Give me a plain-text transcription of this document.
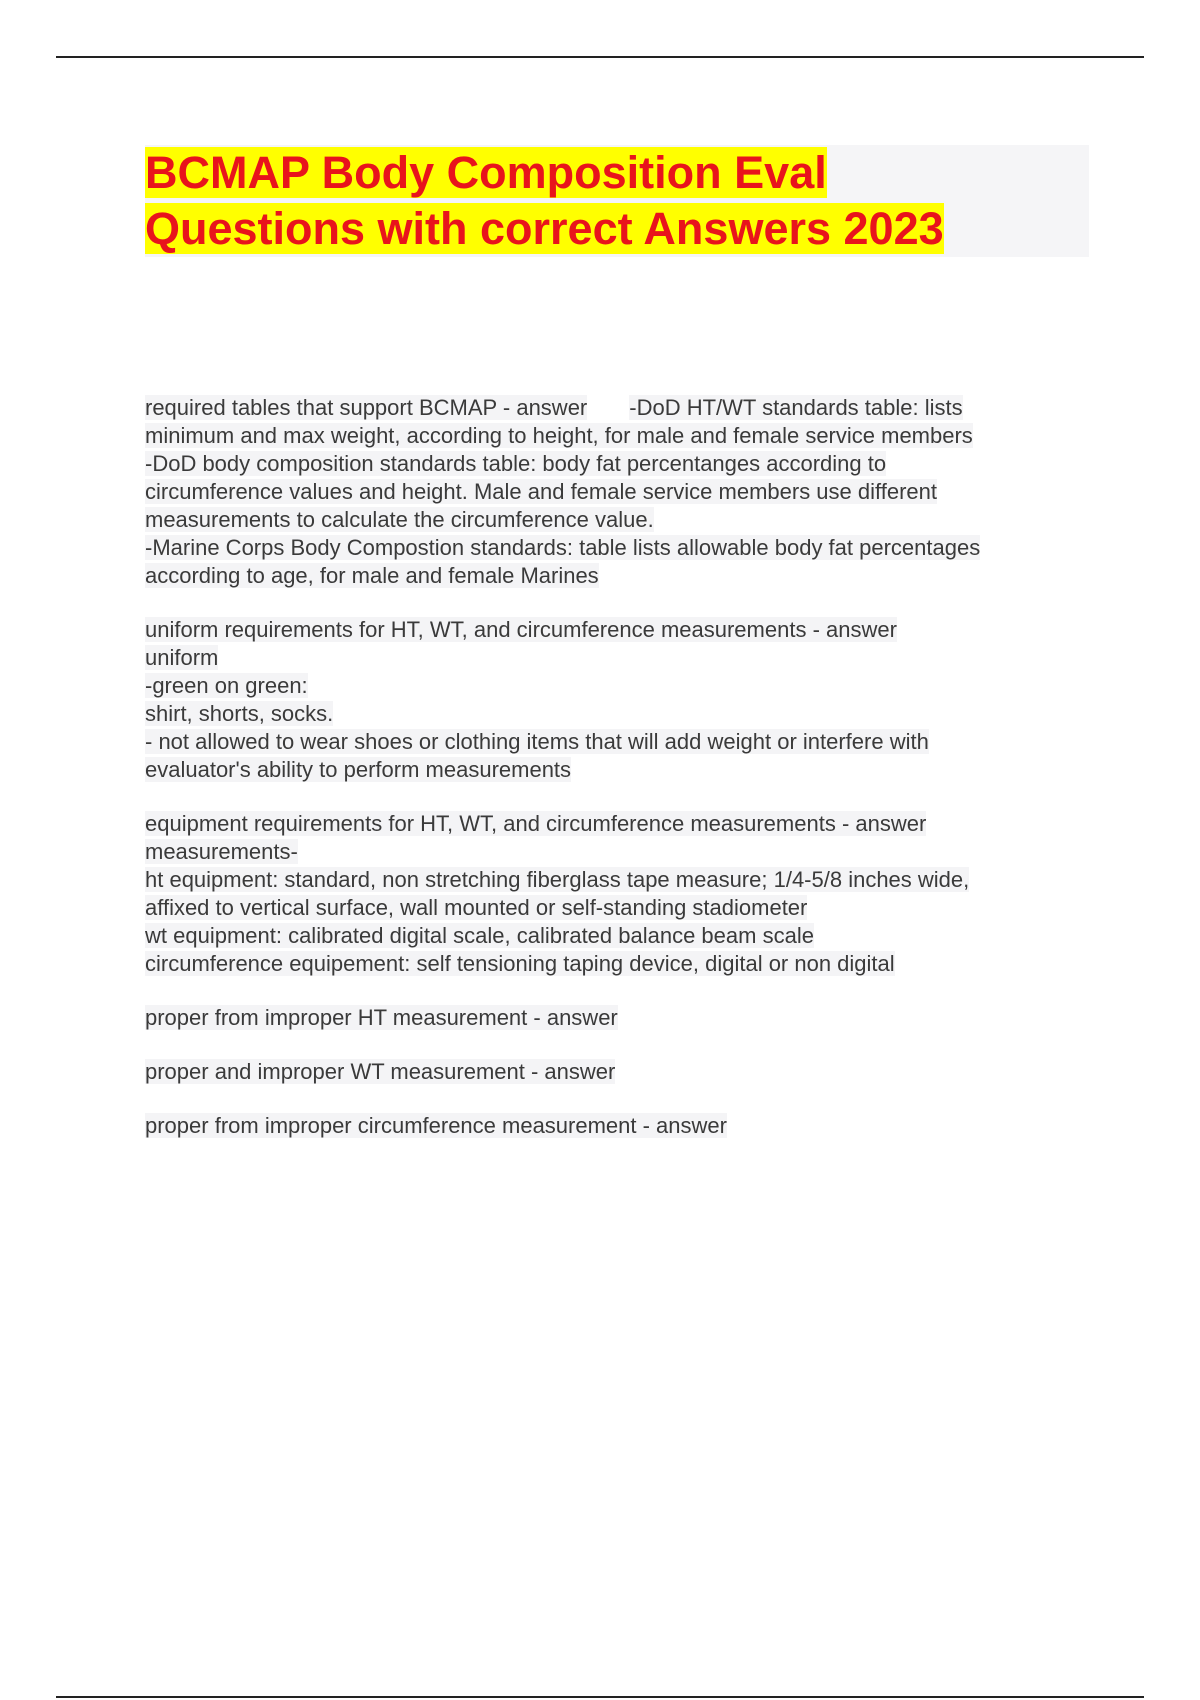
BCMAP Body Composition Eval
Questions with correct Answers 2023
required tables that support BCMAP - answer -DoD HT/WT standards table: lists
minimum and max weight, according to height, for male and female service members
-DoD body composition standards table: body fat percentanges according to
circumference values and height. Male and female service members use different
measurements to calculate the circumference value.
-Marine Corps Body Compostion standards: table lists allowable body fat percentages
according to age, for male and female Marines
uniform requirements for HT, WT, and circumference measurements - answer
uniform
-green on green:
shirt, shorts, socks.
- not allowed to wear shoes or clothing items that will add weight or interfere with
evaluator's ability to perform measurements
equipment requirements for HT, WT, and circumference measurements - answer
measurements-
ht equipment: standard, non stretching fiberglass tape measure; 1/4-5/8 inches wide,
affixed to vertical surface, wall mounted or self-standing stadiometer
wt equipment: calibrated digital scale, calibrated balance beam scale
circumference equipement: self tensioning taping device, digital or non digital
proper from improper HT measurement - answer
proper and improper WT measurement - answer
proper from improper circumference measurement - answer
